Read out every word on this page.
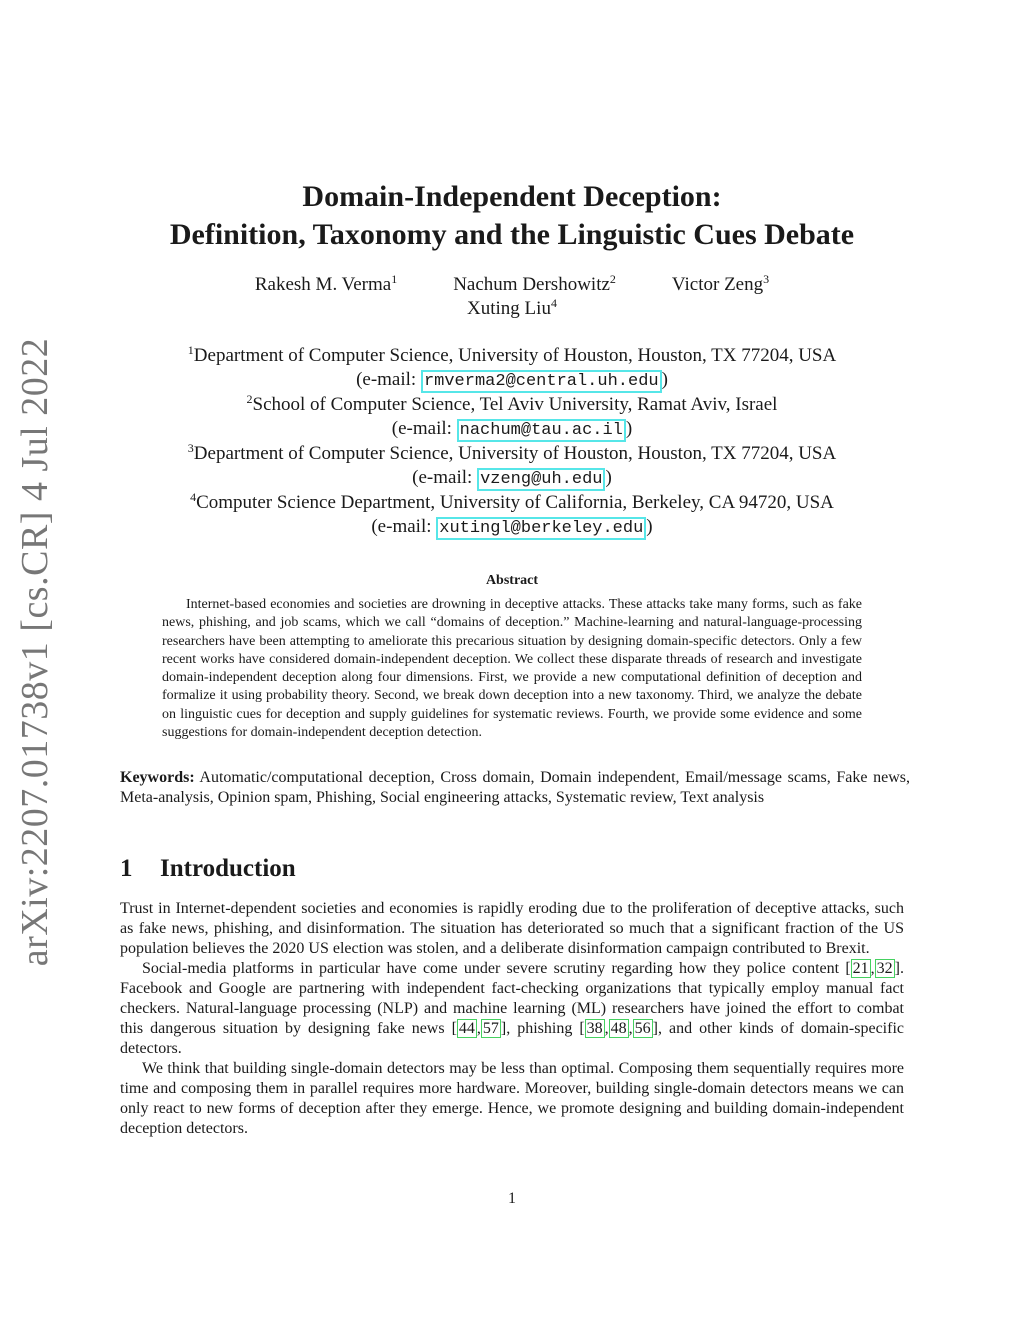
arXiv:2207.01738v1 [cs.CR] 4 Jul 2022
Domain-Independent Deception:
Definition, Taxonomy and the Linguistic Cues Debate
Rakesh M. Verma$^1$	Nachum Dershowitz$^2$	Victor Zeng$^3$
Xuting Liu$^4$
$^1$Department of Computer Science, University of Houston, Houston, TX 77204, USA
(e-mail: rmverma2@central.uh.edu )
$^2$School of Computer Science, Tel Aviv University, Ramat Aviv, Israel
(e-mail: nachum@tau.ac.il )
$^3$Department of Computer Science, University of Houston, Houston, TX 77204, USA
(e-mail: vzeng@uh.edu )
$^4$Computer Science Department, University of California, Berkeley, CA 94720, USA
(e-mail: xutingl@berkeley.edu )
Abstract

Internet-based economies and societies are drowning in deceptive attacks. These attacks take many forms, such as fake news, phishing, and job scams, which we call “domains of deception.” Machine-learning and natural-language-processing researchers have been attempting to ameliorate this precarious situation by designing domain-specific detectors. Only a few recent works have considered domain-independent deception. We collect these disparate threads of research and investigate domain-independent deception along four dimensions. First, we provide a new computational definition of deception and formalize it using probability theory. Second, we break down deception into a new taxonomy. Third, we analyze the debate on linguistic cues for deception and supply guidelines for systematic reviews. Fourth, we provide some evidence and some suggestions for domain-independent deception detection.

Keywords: Automatic/computational deception, Cross domain, Domain independent, Email/message scams, Fake news, Meta-analysis, Opinion spam, Phishing, Social engineering attacks, Systematic review, Text analysis

1 Introduction

Trust in Internet-dependent societies and economies is rapidly eroding due to the proliferation of deceptive attacks, such as fake news, phishing, and disinformation. The situation has deteriorated so much that a significant fraction of the US population believes the 2020 US election was stolen, and a deliberate disinformation campaign contributed to Brexit.

Social-media platforms in particular have come under severe scrutiny regarding how they police content [ 21 , 32 ]. Facebook and Google are partnering with independent fact-checking organizations that typically employ manual fact checkers. Natural-language processing (NLP) and machine learning (ML) researchers have joined the effort to combat this dangerous situation by designing fake news [ 44 , 57 ], phishing [ 38 , 48 , 56 ], and other kinds of domain-specific detectors.

We think that building single-domain detectors may be less than optimal. Composing them sequentially requires more time and composing them in parallel requires more hardware. Moreover, building single-domain detectors means we can only react to new forms of deception after they emerge. Hence, we promote designing and building domain-independent deception detectors.

1
